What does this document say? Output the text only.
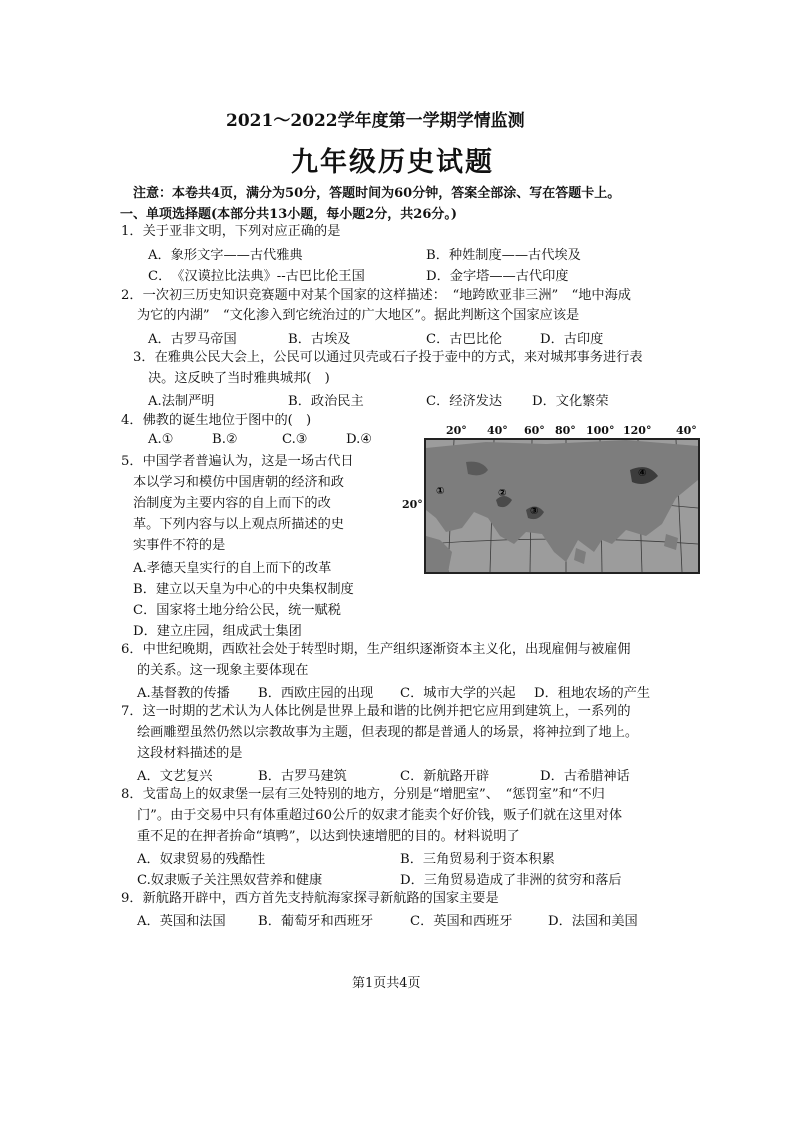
2021～2022学年度第一学期学情监测
九年级历史试题
注意：本卷共4页，满分为50分，答题时间为60分钟，答案全部涂、写在答题卡上。
一、单项选择题(本部分共13小题，每小题2分，共26分。)
1．关于亚非文明，下列对应正确的是
A．象形文字——古代雅典	B．种姓制度——古代埃及
C．　《汉谟拉比法典》--古巴比伦王国	D．金字塔——古代印度
2．一次初三历史知识竞赛题中对某个国家的这样描述：　“地跨欧亚非三洲”　“地中海成
为它的内湖”　“文化渗入到它统治过的广大地区”。据此判断这个国家应该是
A．古罗马帝国	B．古埃及	C．古巴比伦	D．古印度
3．在雅典公民大会上，公民可以通过贝壳或石子投于壶中的方式，来对城邦事务进行表
决。这反映了当时雅典城邦(　)
A.法制严明	B．政治民主	C．经济发达 D．文化繁荣
4．佛教的诞生地位于图中的(　)
A.①	B.②	C.③	D.④
20° 40° 60° 80° 100° 120° 40°
20°
①	②
③
④
5．中国学者普遍认为，这是一场古代日
本以学习和模仿中国唐朝的经济和政
治制度为主要内容的自上而下的改
革。下列内容与以上观点所描述的史
实事件不符的是
A.孝德天皇实行的自上而下的改革
B．建立以天皇为中心的中央集权制度
C．国家将土地分给公民，统一赋税
D．建立庄园，组成武士集团
6．中世纪晚期，西欧社会处于转型时期，生产组织逐渐资本主义化，出现雇佣与被雇佣
的关系。这一现象主要体现在
A.基督教的传播 B．西欧庄园的出现 C．城市大学的兴起 D．租地农场的产生
7．这一时期的艺术认为人体比例是世界上最和谐的比例并把它应用到建筑上，一系列的
绘画雕塑虽然仍然以宗教故事为主题，但表现的都是普通人的场景，将神拉到了地上。
这段材料描述的是
A．文艺复兴	B．古罗马建筑	C．新航路开辟	D．古希腊神话
8．戈雷岛上的奴隶堡一层有三处特别的地方，分别是“增肥室”、　“惩罚室”和“不归
门”。由于交易中只有体重超过60公斤的奴隶才能卖个好价钱，贩子们就在这里对体
重不足的在押者拚命“填鸭”，以达到快速增肥的目的。材料说明了
A．奴隶贸易的残酷性	B．三角贸易利于资本积累
C.奴隶贩子关注黑奴营养和健康	D．三角贸易造成了非洲的贫穷和落后
9．新航路开辟中，西方首先支持航海家探寻新航路的国家主要是
A．英国和法国 B．葡萄牙和西班牙	C．英国和西班牙	D．法国和美国
第1页共4页
